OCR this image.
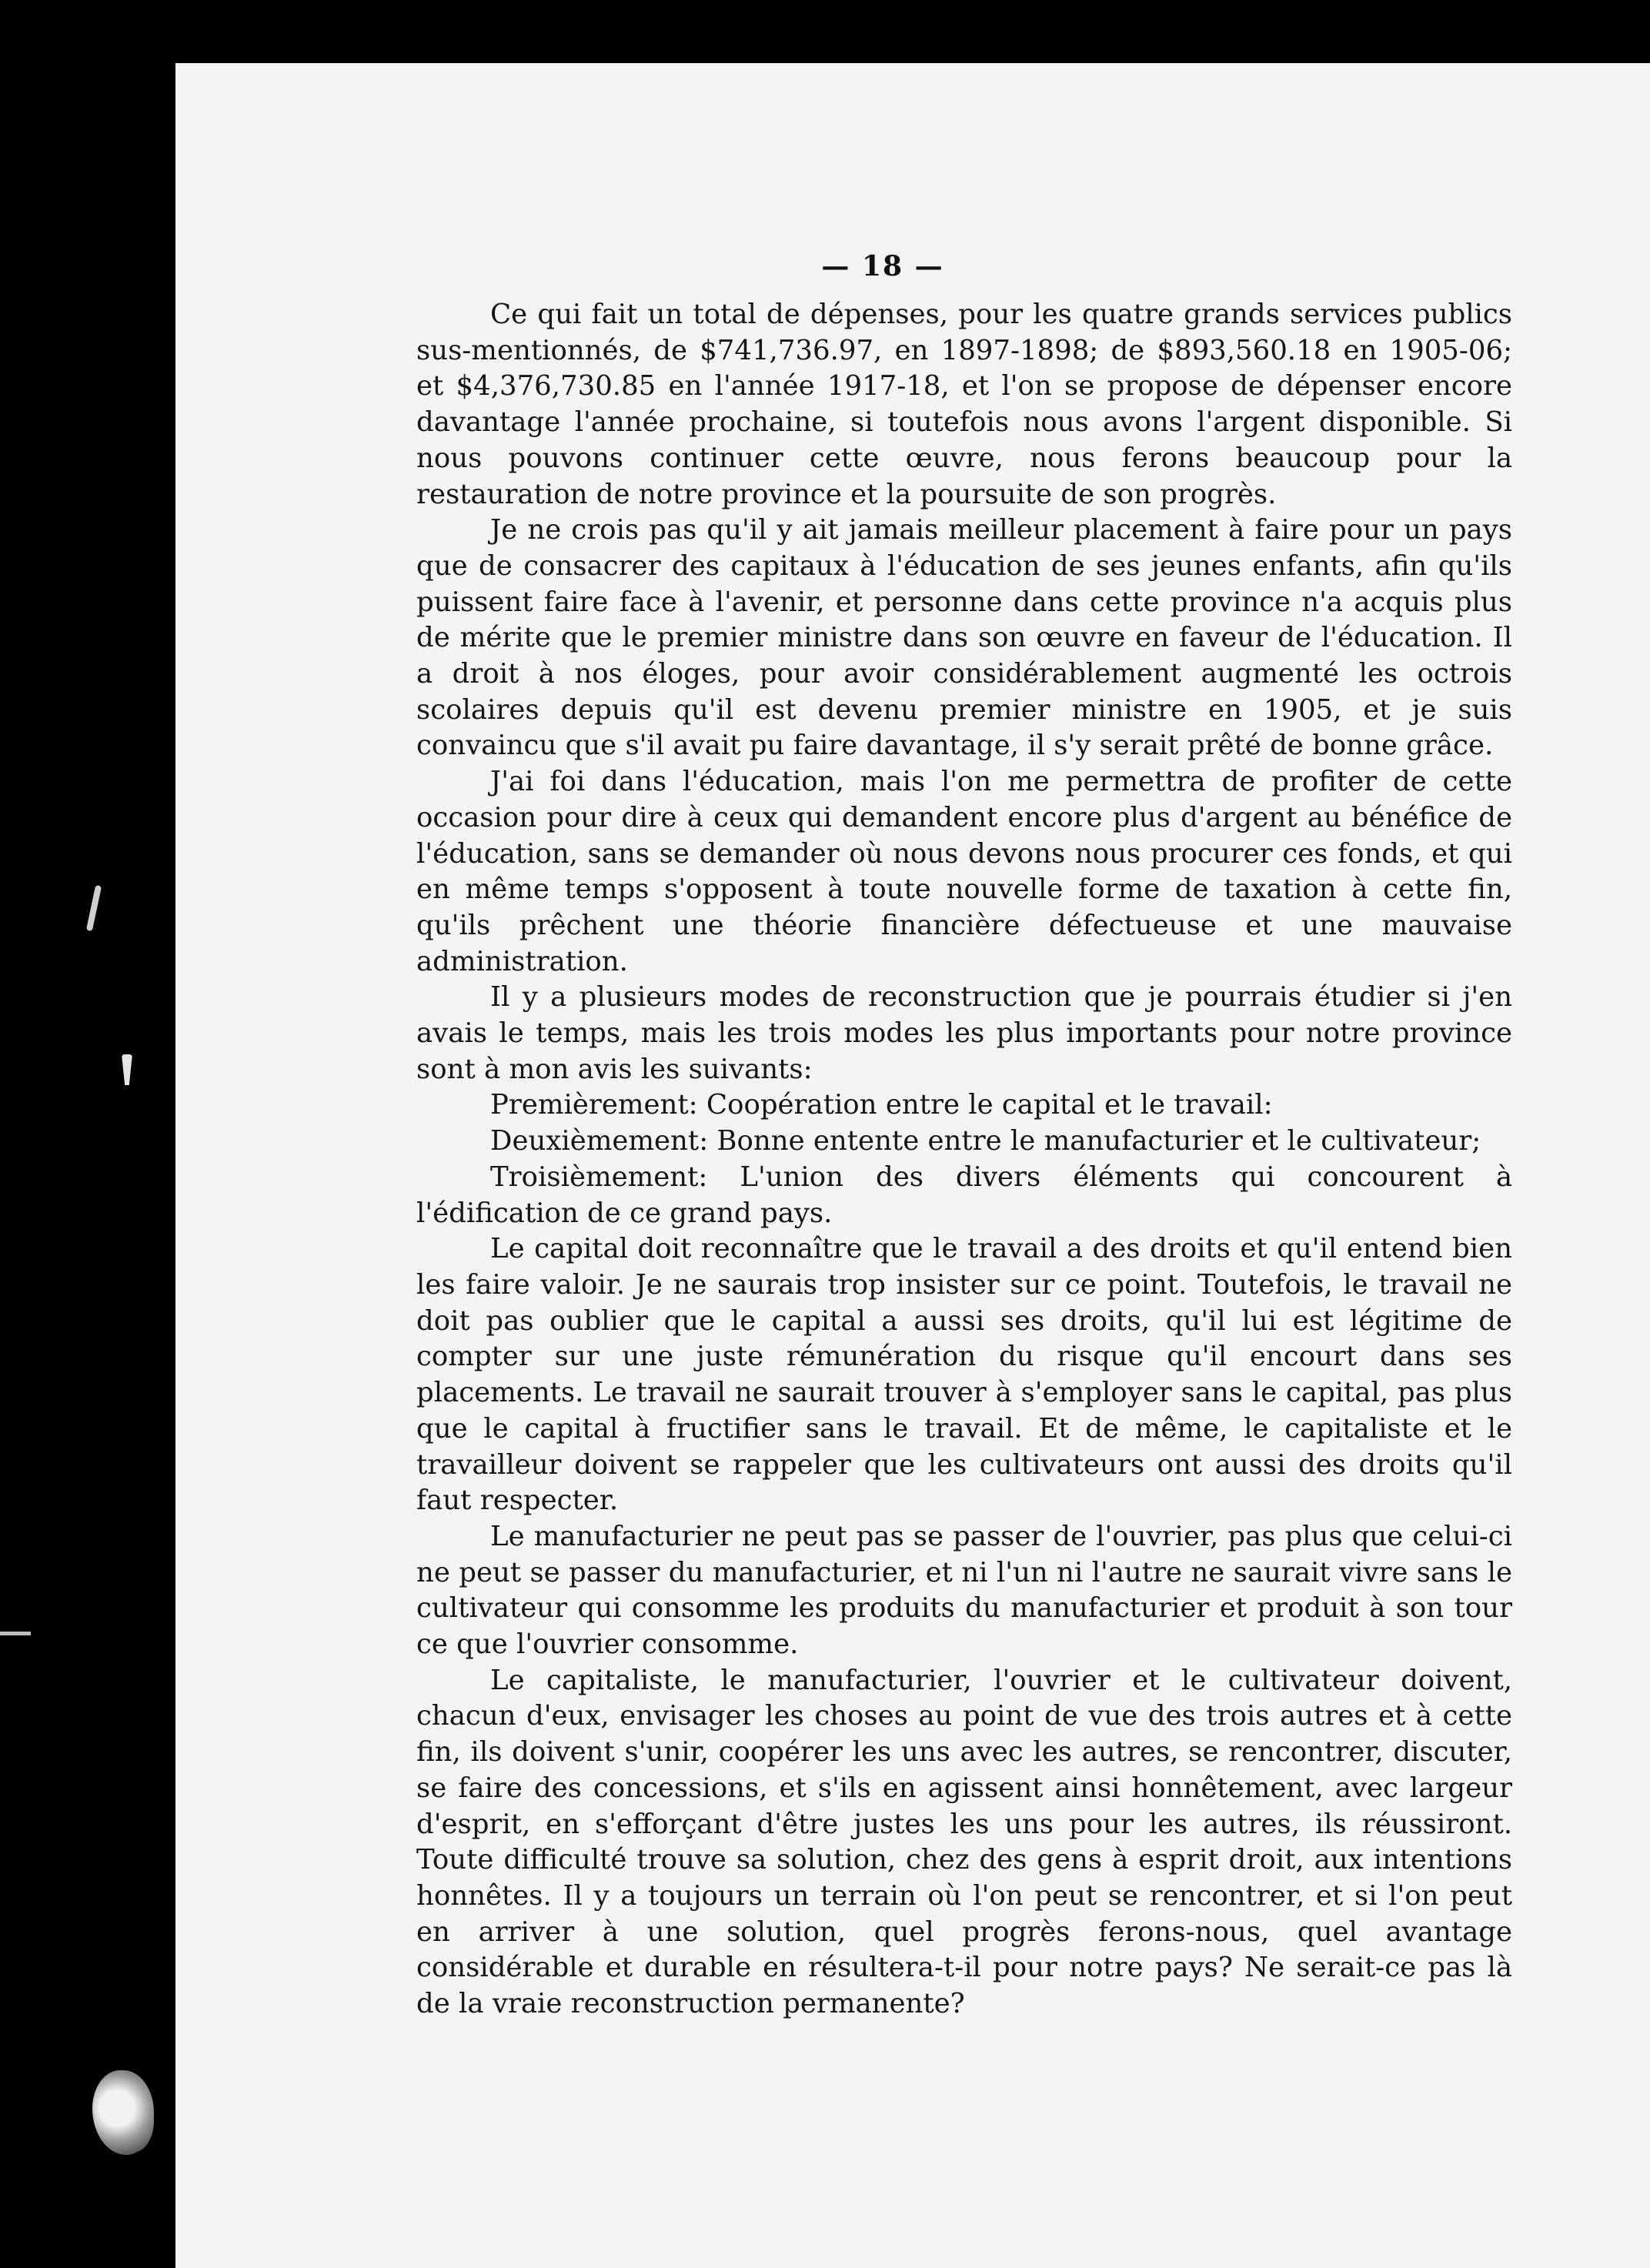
— 18 —

Ce qui fait un total de dépenses, pour les quatre grands services publics sus-mentionnés, de $741,736.97, en 1897-1898; de $893,560.18 en 1905-06; et $4,376,730.85 en l'année 1917-18, et l'on se propose de dépenser encore davantage l'année prochaine, si toutefois nous avons l'argent disponible. Si nous pouvons continuer cette œuvre, nous ferons beaucoup pour la restauration de notre province et la poursuite de son progrès.

Je ne crois pas qu'il y ait jamais meilleur placement à faire pour un pays que de consacrer des capitaux à l'éducation de ses jeunes enfants, afin qu'ils puissent faire face à l'avenir, et personne dans cette province n'a acquis plus de mérite que le premier ministre dans son œuvre en faveur de l'éducation. Il a droit à nos éloges, pour avoir considérablement augmenté les octrois scolaires depuis qu'il est devenu premier ministre en 1905, et je suis convaincu que s'il avait pu faire davantage, il s'y serait prêté de bonne grâce.

J'ai foi dans l'éducation, mais l'on me permettra de profiter de cette occasion pour dire à ceux qui demandent encore plus d'argent au bénéfice de l'éducation, sans se demander où nous devons nous procurer ces fonds, et qui en même temps s'opposent à toute nouvelle forme de taxation à cette fin, qu'ils prêchent une théorie financière défectueuse et une mauvaise administration.

Il y a plusieurs modes de reconstruction que je pourrais étudier si j'en avais le temps, mais les trois modes les plus importants pour notre province sont à mon avis les suivants:

Premièrement: Coopération entre le capital et le travail:

Deuxièmement: Bonne entente entre le manufacturier et le cultivateur;

Troisièmement: L'union des divers éléments qui concourent à l'édification de ce grand pays.

Le capital doit reconnaître que le travail a des droits et qu'il entend bien les faire valoir. Je ne saurais trop insister sur ce point. Toutefois, le travail ne doit pas oublier que le capital a aussi ses droits, qu'il lui est légitime de compter sur une juste rémunération du risque qu'il encourt dans ses placements. Le travail ne saurait trouver à s'employer sans le capital, pas plus que le capital à fructifier sans le travail. Et de même, le capitaliste et le travailleur doivent se rappeler que les cultivateurs ont aussi des droits qu'il faut respecter.

Le manufacturier ne peut pas se passer de l'ouvrier, pas plus que celui-ci ne peut se passer du manufacturier, et ni l'un ni l'autre ne saurait vivre sans le cultivateur qui consomme les produits du manufacturier et produit à son tour ce que l'ouvrier consomme.

Le capitaliste, le manufacturier, l'ouvrier et le cultivateur doivent, chacun d'eux, envisager les choses au point de vue des trois autres et à cette fin, ils doivent s'unir, coopérer les uns avec les autres, se rencontrer, discuter, se faire des concessions, et s'ils en agissent ainsi honnêtement, avec largeur d'esprit, en s'efforçant d'être justes les uns pour les autres, ils réussiront. Toute difficulté trouve sa solution, chez des gens à esprit droit, aux intentions honnêtes. Il y a toujours un terrain où l'on peut se rencontrer, et si l'on peut en arriver à une solution, quel progrès ferons-nous, quel avantage considérable et durable en résultera-t-il pour notre pays? Ne serait-ce pas là de la vraie reconstruction permanente?
